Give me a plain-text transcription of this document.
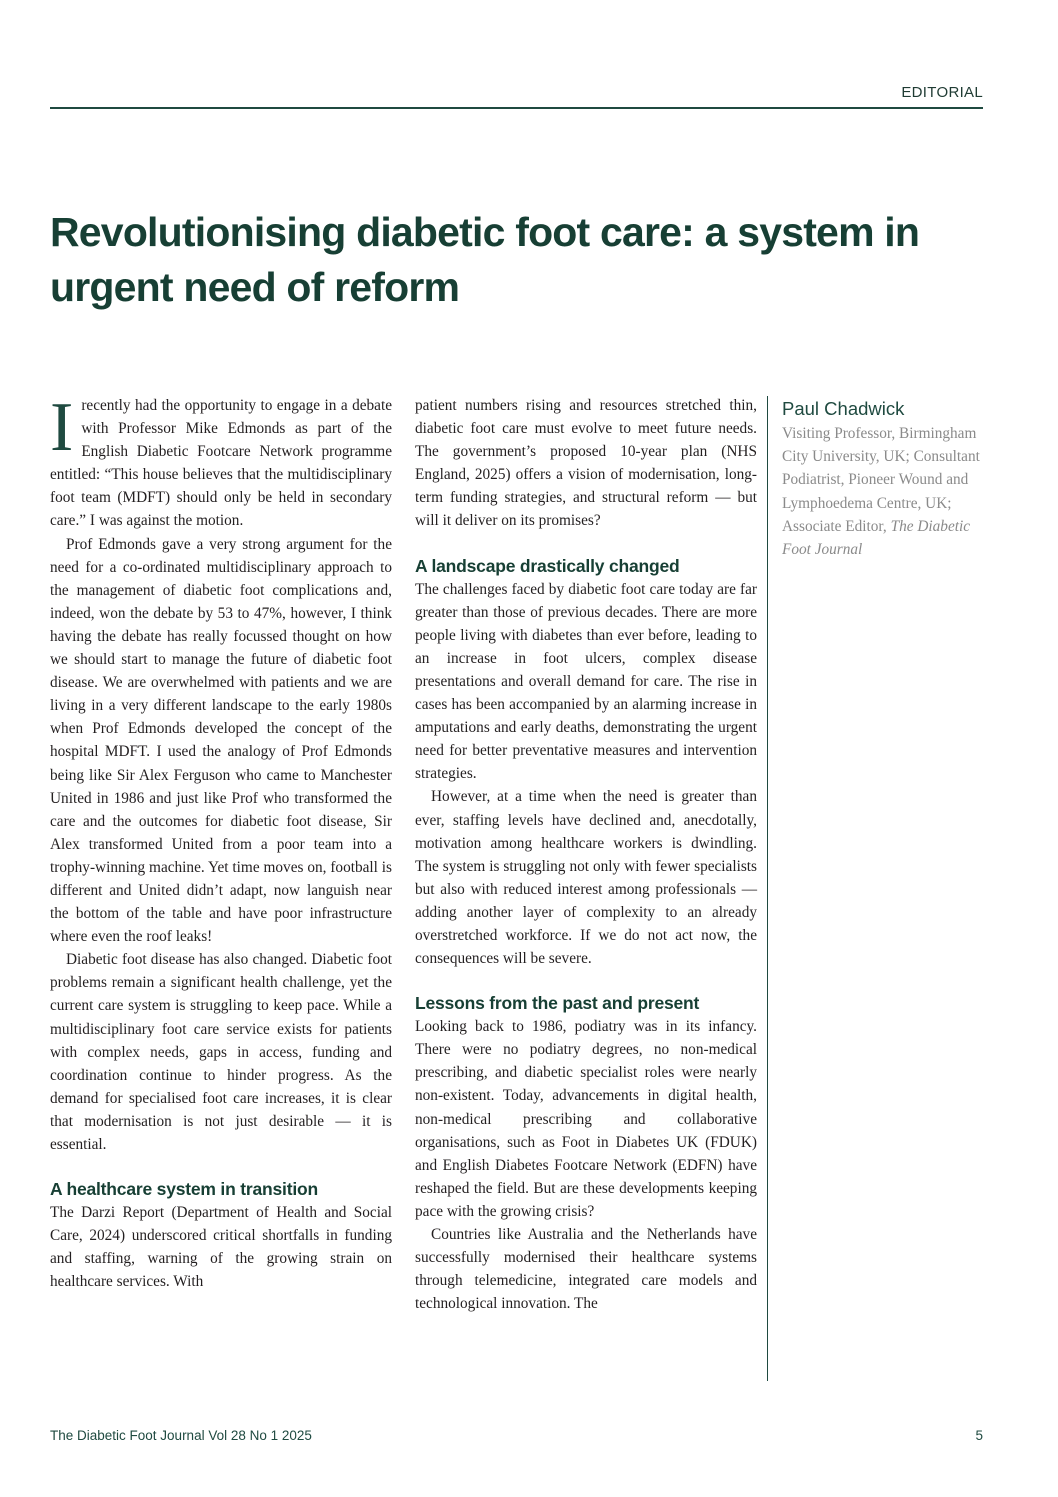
EDITORIAL
Revolutionising diabetic foot care: a system in urgent need of reform

Irecently had the opportunity to engage in a debate with Professor Mike Edmonds as part of the English Diabetic Footcare Network programme entitled: “This house believes that the multidisciplinary foot team (MDFT) should only be held in secondary care.” I was against the motion.

Prof Edmonds gave a very strong argument for the need for a co-ordinated multidisciplinary approach to the management of diabetic foot complications and, indeed, won the debate by 53 to 47%, however, I think having the debate has really focussed thought on how we should start to manage the future of diabetic foot disease. We are overwhelmed with patients and we are living in a very different landscape to the early 1980s when Prof Edmonds developed the concept of the hospital MDFT. I used the analogy of Prof Edmonds being like Sir Alex Ferguson who came to Manchester United in 1986 and just like Prof who transformed the care and the outcomes for diabetic foot disease, Sir Alex transformed United from a poor team into a trophy-winning machine. Yet time moves on, football is different and United didn’t adapt, now languish near the bottom of the table and have poor infrastructure where even the roof leaks!

Diabetic foot disease has also changed. Diabetic foot problems remain a significant health challenge, yet the current care system is struggling to keep pace. While a multidisciplinary foot care service exists for patients with complex needs, gaps in access, funding and coordination continue to hinder progress. As the demand for specialised foot care increases, it is clear that modernisation is not just desirable — it is essential.

A healthcare system in transition

The Darzi Report (Department of Health and Social Care, 2024) underscored critical shortfalls in funding and staffing, warning of the growing strain on healthcare services. With

patient numbers rising and resources stretched thin, diabetic foot care must evolve to meet future needs. The government’s proposed 10-year plan (NHS England, 2025) offers a vision of modernisation, long-term funding strategies, and structural reform — but will it deliver on its promises?

A landscape drastically changed

The challenges faced by diabetic foot care today are far greater than those of previous decades. There are more people living with diabetes than ever before, leading to an increase in foot ulcers, complex disease presentations and overall demand for care. The rise in cases has been accompanied by an alarming increase in amputations and early deaths, demonstrating the urgent need for better preventative measures and intervention strategies.

However, at a time when the need is greater than ever, staffing levels have declined and, anecdotally, motivation among healthcare workers is dwindling. The system is struggling not only with fewer specialists but also with reduced interest among professionals — adding another layer of complexity to an already overstretched workforce. If we do not act now, the consequences will be severe.

Lessons from the past and present

Looking back to 1986, podiatry was in its infancy. There were no podiatry degrees, no non-medical prescribing, and diabetic specialist roles were nearly non-existent. Today, advancements in digital health, non-medical prescribing and collaborative organisations, such as Foot in Diabetes UK (FDUK) and English Diabetes Footcare Network (EDFN) have reshaped the field. But are these developments keeping pace with the growing crisis?

Countries like Australia and the Netherlands have successfully modernised their healthcare systems through telemedicine, integrated care models and technological innovation. The

Paul Chadwick
Visiting Professor, Birmingham City University, UK; Consultant Podiatrist, Pioneer Wound and Lymphoedema Centre, UK; Associate Editor, The Diabetic Foot Journal
The Diabetic Foot Journal Vol 28 No 1 2025	5
